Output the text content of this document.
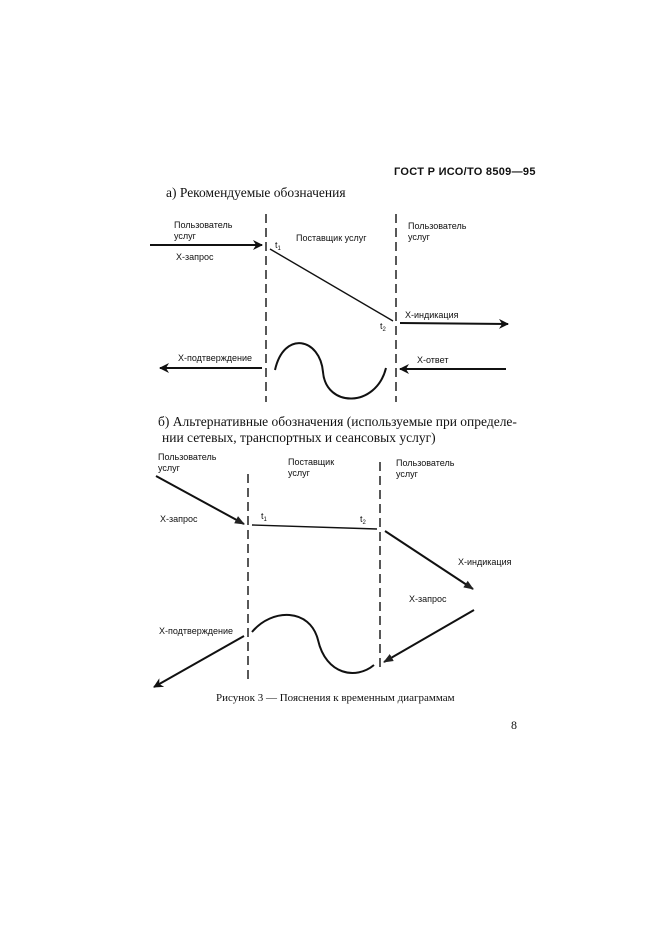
ГОСТ Р ИСО/ТО 8509—95
а) Рекомендуемые обозначения
Пользователь
услуг	Поставщик услуг
Пользователь
услуг
X-запрос
X-индикация
X-подтверждение	X-ответ
$t_1$
$t_2$
б) Альтернативные обозначения (используемые при определе-
нии сетевых, транспортных и сеансовых услуг)
Пользователь
услуг
Поставщик
услуг
Пользователь
услуг
X-запрос
X-индикация
X-запрос
X-подтверждение
$t_1$	$t_2$
Рисунок 3 — Пояснения к временным диаграммам
8
